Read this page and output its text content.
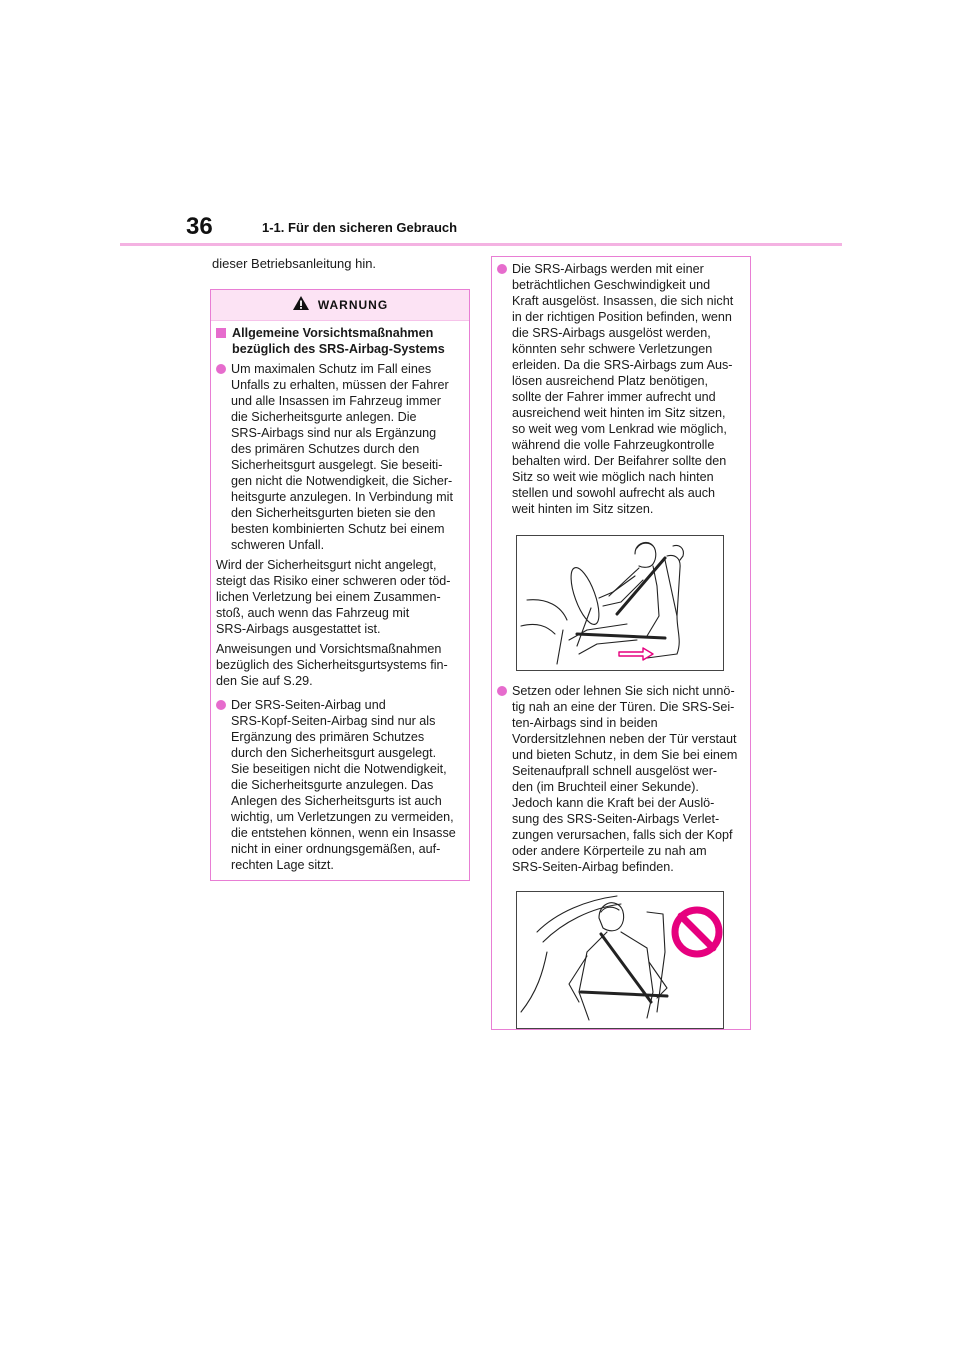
36	1-1. Für den sicheren Gebrauch
dieser Betriebsanleitung hin.
WARNUNG
Allgemeine Vorsichtsmaßnahmen
bezüglich des SRS-Airbag-Systems
Um maximalen Schutz im Fall eines
Unfalls zu erhalten, müssen der Fahrer
und alle Insassen im Fahrzeug immer
die Sicherheitsgurte anlegen. Die
SRS-Airbags sind nur als Ergänzung
des primären Schutzes durch den
Sicherheitsgurt ausgelegt. Sie beseiti-
gen nicht die Notwendigkeit, die Sicher-
heitsgurte anzulegen. In Verbindung mit
den Sicherheitsgurten bieten sie den
besten kombinierten Schutz bei einem
schweren Unfall.
Wird der Sicherheitsgurt nicht angelegt,
steigt das Risiko einer schweren oder töd-
lichen Verletzung bei einem Zusammen-
stoß, auch wenn das Fahrzeug mit
SRS-Airbags ausgestattet ist.
Anweisungen und Vorsichtsmaßnahmen
bezüglich des Sicherheitsgurtsystems fin-
den Sie auf S.29.
Der SRS-Seiten-Airbag und
SRS-Kopf-Seiten-Airbag sind nur als
Ergänzung des primären Schutzes
durch den Sicherheitsgurt ausgelegt.
Sie beseitigen nicht die Notwendigkeit,
die Sicherheitsgurte anzulegen. Das
Anlegen des Sicherheitsgurts ist auch
wichtig, um Verletzungen zu vermeiden,
die entstehen können, wenn ein Insasse
nicht in einer ordnungsgemäßen, auf-
rechten Lage sitzt.
Die SRS-Airbags werden mit einer
beträchtlichen Geschwindigkeit und
Kraft ausgelöst. Insassen, die sich nicht
in der richtigen Position befinden, wenn
die SRS-Airbags ausgelöst werden,
könnten sehr schwere Verletzungen
erleiden. Da die SRS-Airbags zum Aus-
lösen ausreichend Platz benötigen,
sollte der Fahrer immer aufrecht und
ausreichend weit hinten im Sitz sitzen,
so weit weg vom Lenkrad wie möglich,
während die volle Fahrzeugkontrolle
behalten wird. Der Beifahrer sollte den
Sitz so weit wie möglich nach hinten
stellen und sowohl aufrecht als auch
weit hinten im Sitz sitzen.
Setzen oder lehnen Sie sich nicht unnö-
tig nah an eine der Türen. Die SRS-Sei-
ten-Airbags sind in beiden
Vordersitzlehnen neben der Tür verstaut
und bieten Schutz, in dem Sie bei einem
Seitenaufprall schnell ausgelöst wer-
den (im Bruchteil einer Sekunde).
Jedoch kann die Kraft bei der Auslö-
sung des SRS-Seiten-Airbags Verlet-
zungen verursachen, falls sich der Kopf
oder andere Körperteile zu nah am
SRS-Seiten-Airbag befinden.
